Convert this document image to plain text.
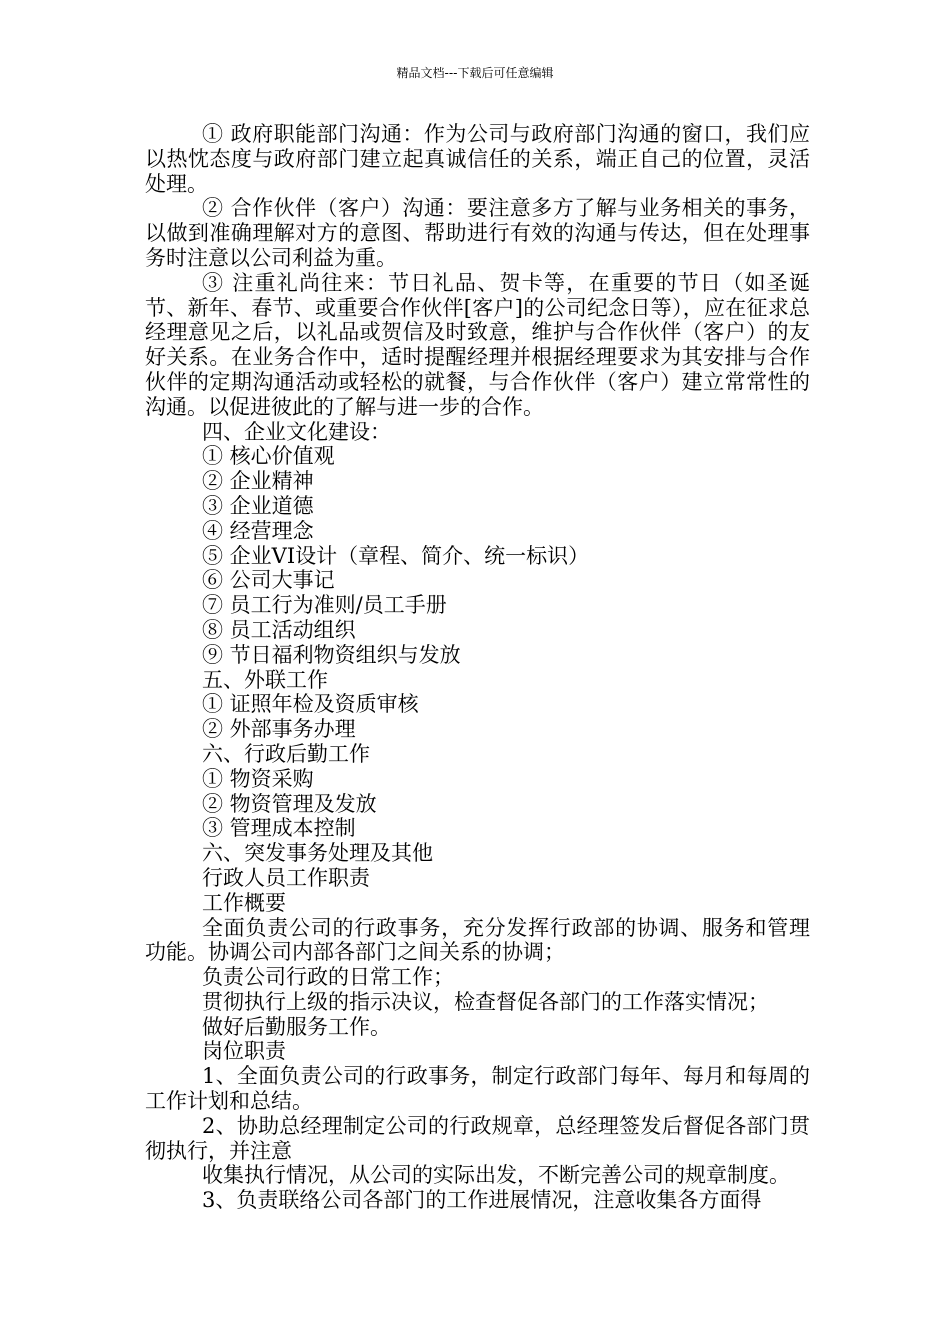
精品文档---下载后可任意编辑

① 政府职能部门沟通：作为公司与政府部门沟通的窗口，我们应以热忱态度与政府部门建立起真诚信任的关系，端正自己的位置，灵活处理。

② 合作伙伴（客户）沟通：要注意多方了解与业务相关的事务，以做到准确理解对方的意图、帮助进行有效的沟通与传达，但在处理事务时注意以公司利益为重。

③ 注重礼尚往来：节日礼品、贺卡等，在重要的节日（如圣诞节、新年、春节、或重要合作伙伴[客户]的公司纪念日等），应在征求总经理意见之后，以礼品或贺信及时致意，维护与合作伙伴（客户）的友好关系。在业务合作中，适时提醒经理并根据经理要求为其安排与合作伙伴的定期沟通活动或轻松的就餐，与合作伙伴（客户）建立常常性的沟通。以促进彼此的了解与进一步的合作。

四、企业文化建设：

① 核心价值观

② 企业精神

③ 企业道德

④ 经营理念

⑤ 企业VI设计（章程、简介、统一标识）

⑥ 公司大事记

⑦ 员工行为准则/员工手册

⑧ 员工活动组织

⑨ 节日福利物资组织与发放

五、外联工作

① 证照年检及资质审核

② 外部事务办理

六、行政后勤工作

① 物资采购

② 物资管理及发放

③ 管理成本控制

六、突发事务处理及其他

行政人员工作职责

工作概要

全面负责公司的行政事务，充分发挥行政部的协调、服务和管理功能。协调公司内部各部门之间关系的协调；

负责公司行政的日常工作；

贯彻执行上级的指示决议，检查督促各部门的工作落实情况；

做好后勤服务工作。

岗位职责

1、全面负责公司的行政事务，制定行政部门每年、每月和每周的工作计划和总结。

2、协助总经理制定公司的行政规章，总经理签发后督促各部门贯彻执行，并注意

收集执行情况，从公司的实际出发，不断完善公司的规章制度。

3、负责联络公司各部门的工作进展情况，注意收集各方面得
